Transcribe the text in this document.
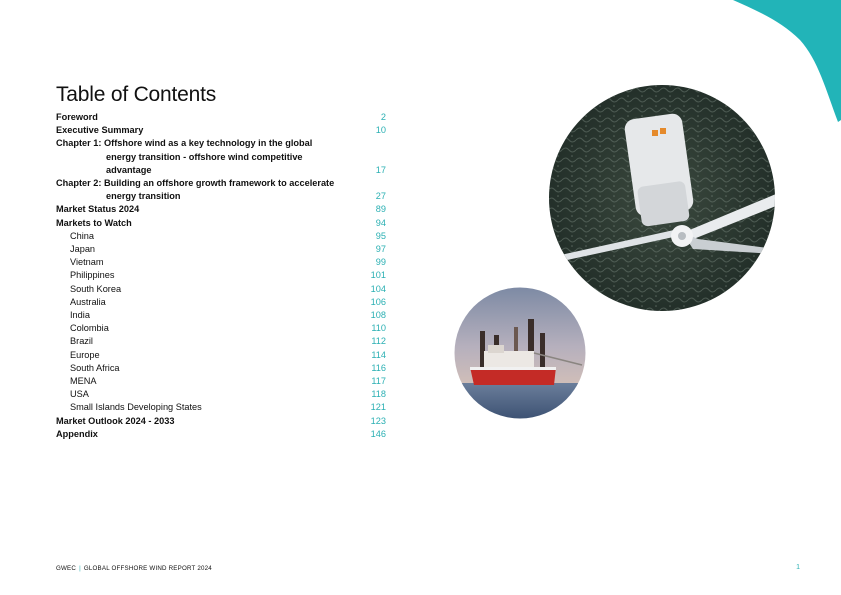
Table of Contents
Foreword	2
Executive Summary	10
Chapter 1: Offshore wind as a key technology in the global
energy transition - offshore wind competitive advantage	17
Chapter 2: Building an offshore growth framework to accelerate
energy transition	27
Market Status 2024	89
Markets to Watch	94
China	95
Japan	97
Vietnam	99
Philippines	101
South Korea	104
Australia	106
India	108
Colombia	110
Brazil	112
Europe	114
South Africa	116
MENA	117
USA	118
Small Islands Developing States	121
Market Outlook 2024 - 2033	123
Appendix	146
GWEC | GLOBAL OFFSHORE WIND REPORT 2024	1
